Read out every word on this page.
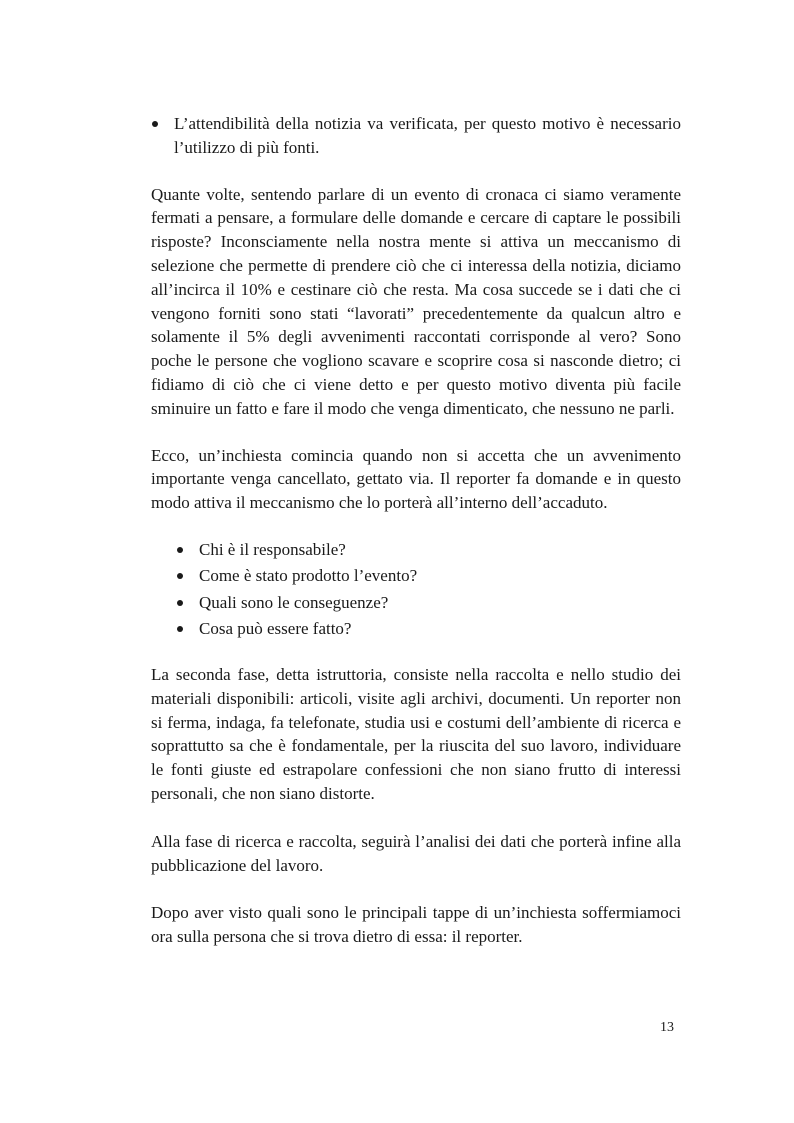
L’attendibilità della notizia va verificata, per questo motivo è necessario l’utilizzo di più fonti.

Quante volte, sentendo parlare di un evento di cronaca ci siamo veramente fermati a pensare, a formulare delle domande e cercare di captare le possibili risposte? Inconsciamente nella nostra mente si attiva un meccanismo di selezione che permette di prendere ciò che ci interessa della notizia, diciamo all’incirca il 10% e cestinare ciò che resta. Ma cosa succede se i dati che ci vengono forniti sono stati “lavorati” precedentemente da qualcun altro e solamente il 5% degli avvenimenti raccontati corrisponde al vero? Sono poche le persone che vogliono scavare e scoprire cosa si nasconde dietro; ci fidiamo di ciò che ci viene detto e per questo motivo diventa più facile sminuire un fatto e fare il modo che venga dimenticato, che nessuno ne parli.

Ecco, un’inchiesta comincia quando non si accetta che un avvenimento importante venga cancellato, gettato via. Il reporter fa domande e in questo modo attiva il meccanismo che lo porterà all’interno dell’accaduto.

Chi è il responsabile?
Come è stato prodotto l’evento?
Quali sono le conseguenze?
Cosa può essere fatto?

La seconda fase, detta istruttoria, consiste nella raccolta e nello studio dei materiali disponibili: articoli, visite agli archivi, documenti. Un reporter non si ferma, indaga, fa telefonate, studia usi e costumi dell’ambiente di ricerca e soprattutto sa che è fondamentale, per la riuscita del suo lavoro, individuare le fonti giuste ed estrapolare confessioni che non siano frutto di interessi personali, che non siano distorte.

Alla fase di ricerca e raccolta, seguirà l’analisi dei dati che porterà infine alla pubblicazione del lavoro.

Dopo aver visto quali sono le principali tappe di un’inchiesta soffermiamoci ora sulla persona che si trova dietro di essa: il reporter.

13
